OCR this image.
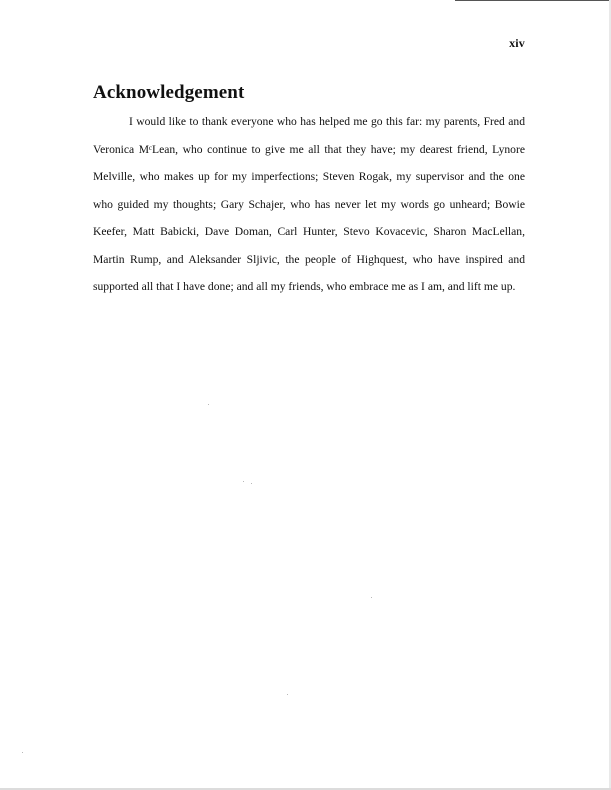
xiv
Acknowledgement

I would like to thank everyone who has helped me go this far: my parents, Fred and Veronica MᶜLean, who continue to give me all that they have; my dearest friend, Lynore Melville, who makes up for my imperfections; Steven Rogak, my supervisor and the one who guided my thoughts; Gary Schajer, who has never let my words go unheard; Bowie Keefer, Matt Babicki, Dave Doman, Carl Hunter, Stevo Kovacevic, Sharon MacLellan, Martin Rump, and Aleksander Sljivic, the people of Highquest, who have inspired and supported all that I have done; and all my friends, who embrace me as I am, and lift me up.
